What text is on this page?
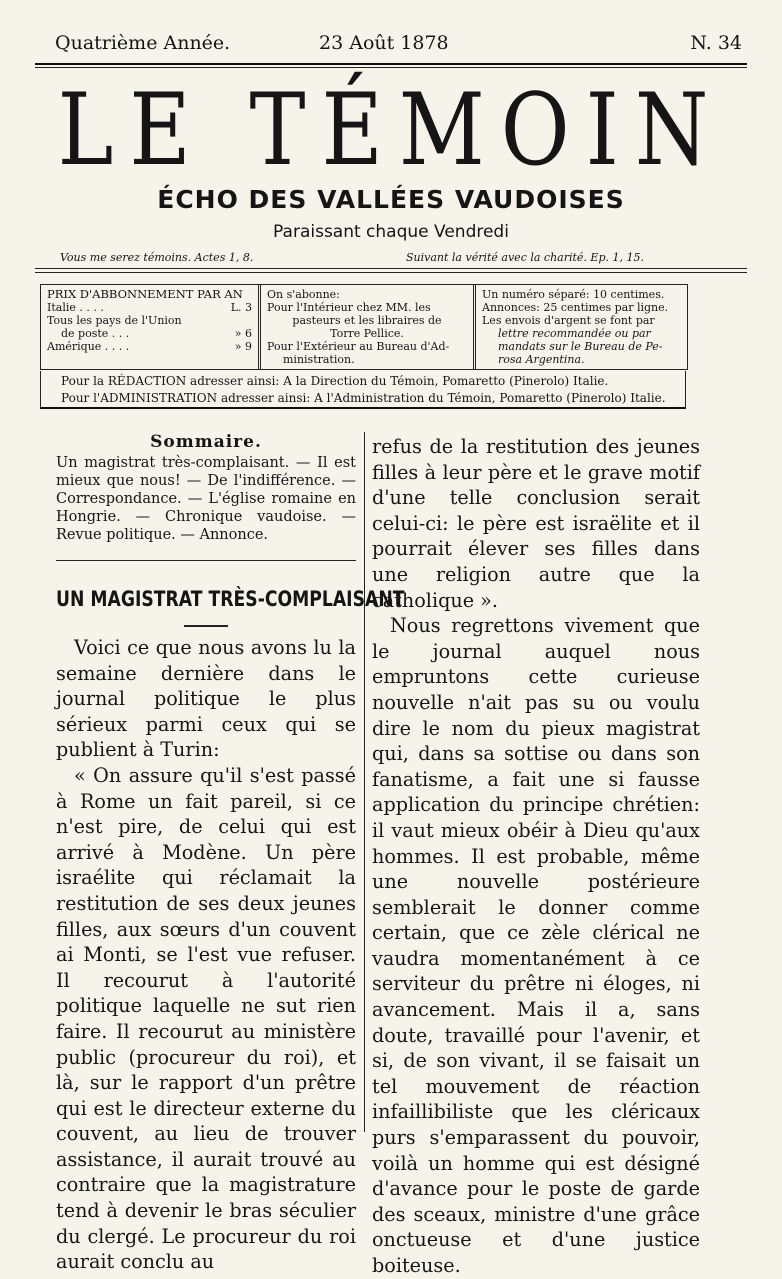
Quatrième Année.	23 Août 1878	N. 34
LE TÉMOIN
ÉCHO DES VALLÉES VAUDOISES
Paraissant chaque Vendredi
Vous me serez témoins. Actes 1, 8.	Suivant la vérité avec la charité. Ep. 1, 15.
PRIX D'ABBONNEMENT PAR AN
Italie . . . .	L. 3
Tous les pays de l'Union
de poste . . .	» 6
Amérique . . . .	» 9
On s'abonne:
Pour l'Intérieur chez MM. les
pasteurs et les libraires de
Torre Pellice.
Pour l'Extérieur au Bureau d'Ad-
ministration.
Un numéro séparé: 10 centimes.
Annonces: 25 centimes par ligne.
Les envois d'argent se font par
lettre recommandée ou par
mandats sur le Bureau de Pe-
rosa Argentina.
Pour la RÉDACTION adresser ainsi: A la Direction du Témoin, Pomaretto (Pinerolo) Italie.
Pour l'ADMINISTRATION adresser ainsi: A l'Administration du Témoin, Pomaretto (Pinerolo) Italie.
Sommaire.
Un magistrat très-complaisant. — Il est mieux que nous! — De l'indifférence. — Correspondance. — L'église romaine en Hongrie. — Chronique vaudoise. — Revue politique. — Annonce.
UN MAGISTRAT TRÈS-COMPLAISANT

Voici ce que nous avons lu la semaine dernière dans le journal politique le plus sérieux parmi ceux qui se publient à Turin:

« On assure qu'il s'est passé à Rome un fait pareil, si ce n'est pire, de celui qui est arrivé à Modène. Un père israélite qui réclamait la restitution de ses deux jeunes filles, aux sœurs d'un couvent ai Monti, se l'est vue refuser. Il recourut à l'autorité politique laquelle ne sut rien faire. Il recourut au ministère public (procureur du roi), et là, sur le rapport d'un prêtre qui est le directeur externe du couvent, au lieu de trouver assistance, il aurait trouvé au contraire que la magistrature tend à devenir le bras séculier du clergé. Le procureur du roi aurait conclu au

refus de la restitution des jeunes filles à leur père et le grave motif d'une telle conclusion serait celui-ci: le père est israëlite et il pourrait élever ses filles dans une religion autre que la catholique ».

Nous regrettons vivement que le journal auquel nous empruntons cette curieuse nouvelle n'ait pas su ou voulu dire le nom du pieux magistrat qui, dans sa sottise ou dans son fanatisme, a fait une si fausse application du principe chrétien: il vaut mieux obéir à Dieu qu'aux hommes. Il est probable, même une nouvelle postérieure semblerait le donner comme certain, que ce zèle clérical ne vaudra momentanément à ce serviteur du prêtre ni éloges, ni avancement. Mais il a, sans doute, travaillé pour l'avenir, et si, de son vivant, il se faisait un tel mouvement de réaction infaillibiliste que les cléricaux purs s'emparassent du pouvoir, voilà un homme qui est désigné d'avance pour le poste de garde des sceaux, ministre d'une grâce onctueuse et d'une justice boiteuse.
